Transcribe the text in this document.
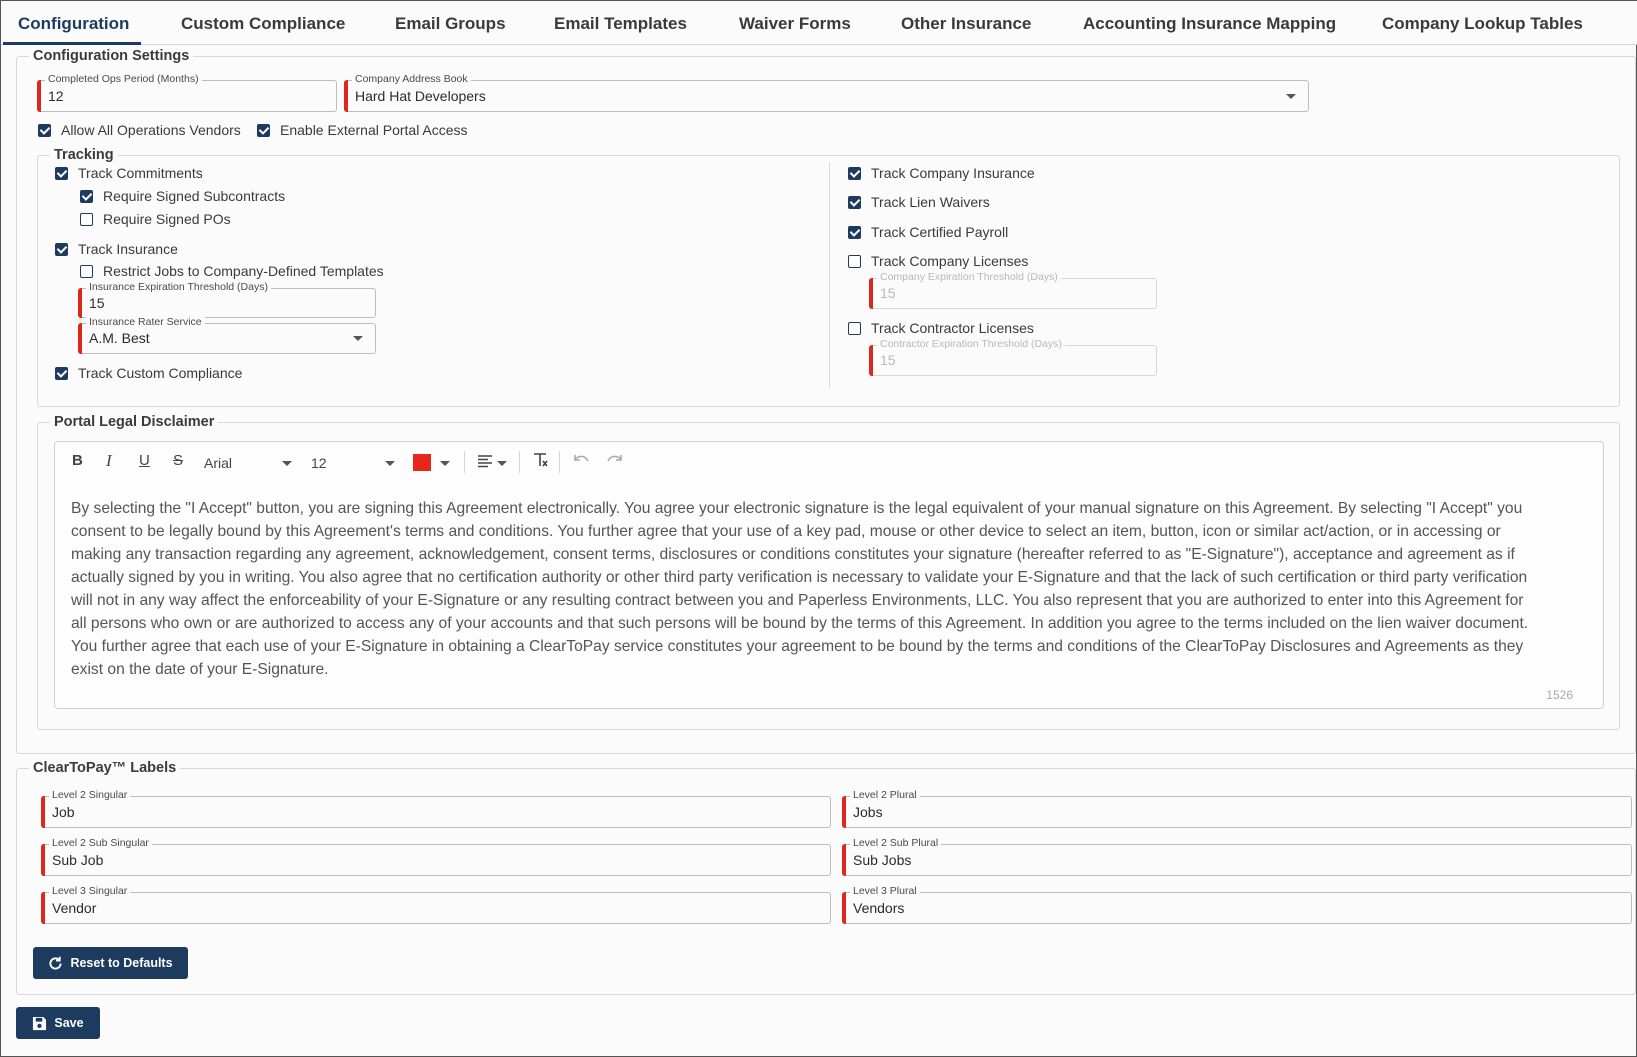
Configuration	Custom Compliance	Email Groups	Email Templates	Waiver Forms	Other Insurance	Accounting Insurance Mapping	Company Lookup Tables
Configuration Settings
Completed Ops Period (Months)
12
Company Address Book
Hard Hat Developers
Allow All Operations Vendors	Enable External Portal Access
Tracking
Track Commitments
Require Signed Subcontracts
Require Signed POs
Track Insurance
Restrict Jobs to Company-Defined Templates
Insurance Expiration Threshold (Days)
15
Insurance Rater Service
A.M. Best
Track Custom Compliance
Track Company Insurance
Track Lien Waivers
Track Certified Payroll
Track Company Licenses
Company Expiration Threshold (Days)
15
Track Contractor Licenses
Contractor Expiration Threshold (Days)
15
Portal Legal Disclaimer
B I U S Arial	12
By selecting the "I Accept" button, you are signing this Agreement electronically. You agree your electronic signature is the legal equivalent of your manual signature on this Agreement. By selecting "I Accept" you consent to be legally bound by this Agreement's terms and conditions. You further agree that your use of a key pad, mouse or other device to select an item, button, icon or similar act/action, or in accessing or making any transaction regarding any agreement, acknowledgement, consent terms, disclosures or conditions constitutes your signature (hereafter referred to as "E-Signature"), acceptance and agreement as if actually signed by you in writing. You also agree that no certification authority or other third party verification is necessary to validate your E-Signature and that the lack of such certification or third party verification will not in any way affect the enforceability of your E-Signature or any resulting contract between you and Paperless Environments, LLC. You also represent that you are authorized to enter into this Agreement for all persons who own or are authorized to access any of your accounts and that such persons will be bound by the terms of this Agreement. In addition you agree to the terms included on the lien waiver document. You further agree that each use of your E-Signature in obtaining a ClearToPay service constitutes your agreement to be bound by the terms and conditions of the ClearToPay Disclosures and Agreements as they exist on the date of your E-Signature.
1526
ClearToPay™ Labels
Level 2 Singular
Job
Level 2 Plural
Jobs
Level 2 Sub Singular
Sub Job
Level 2 Sub Plural
Sub Jobs
Level 3 Singular
Vendor
Level 3 Plural
Vendors
Reset to Defaults
Save
